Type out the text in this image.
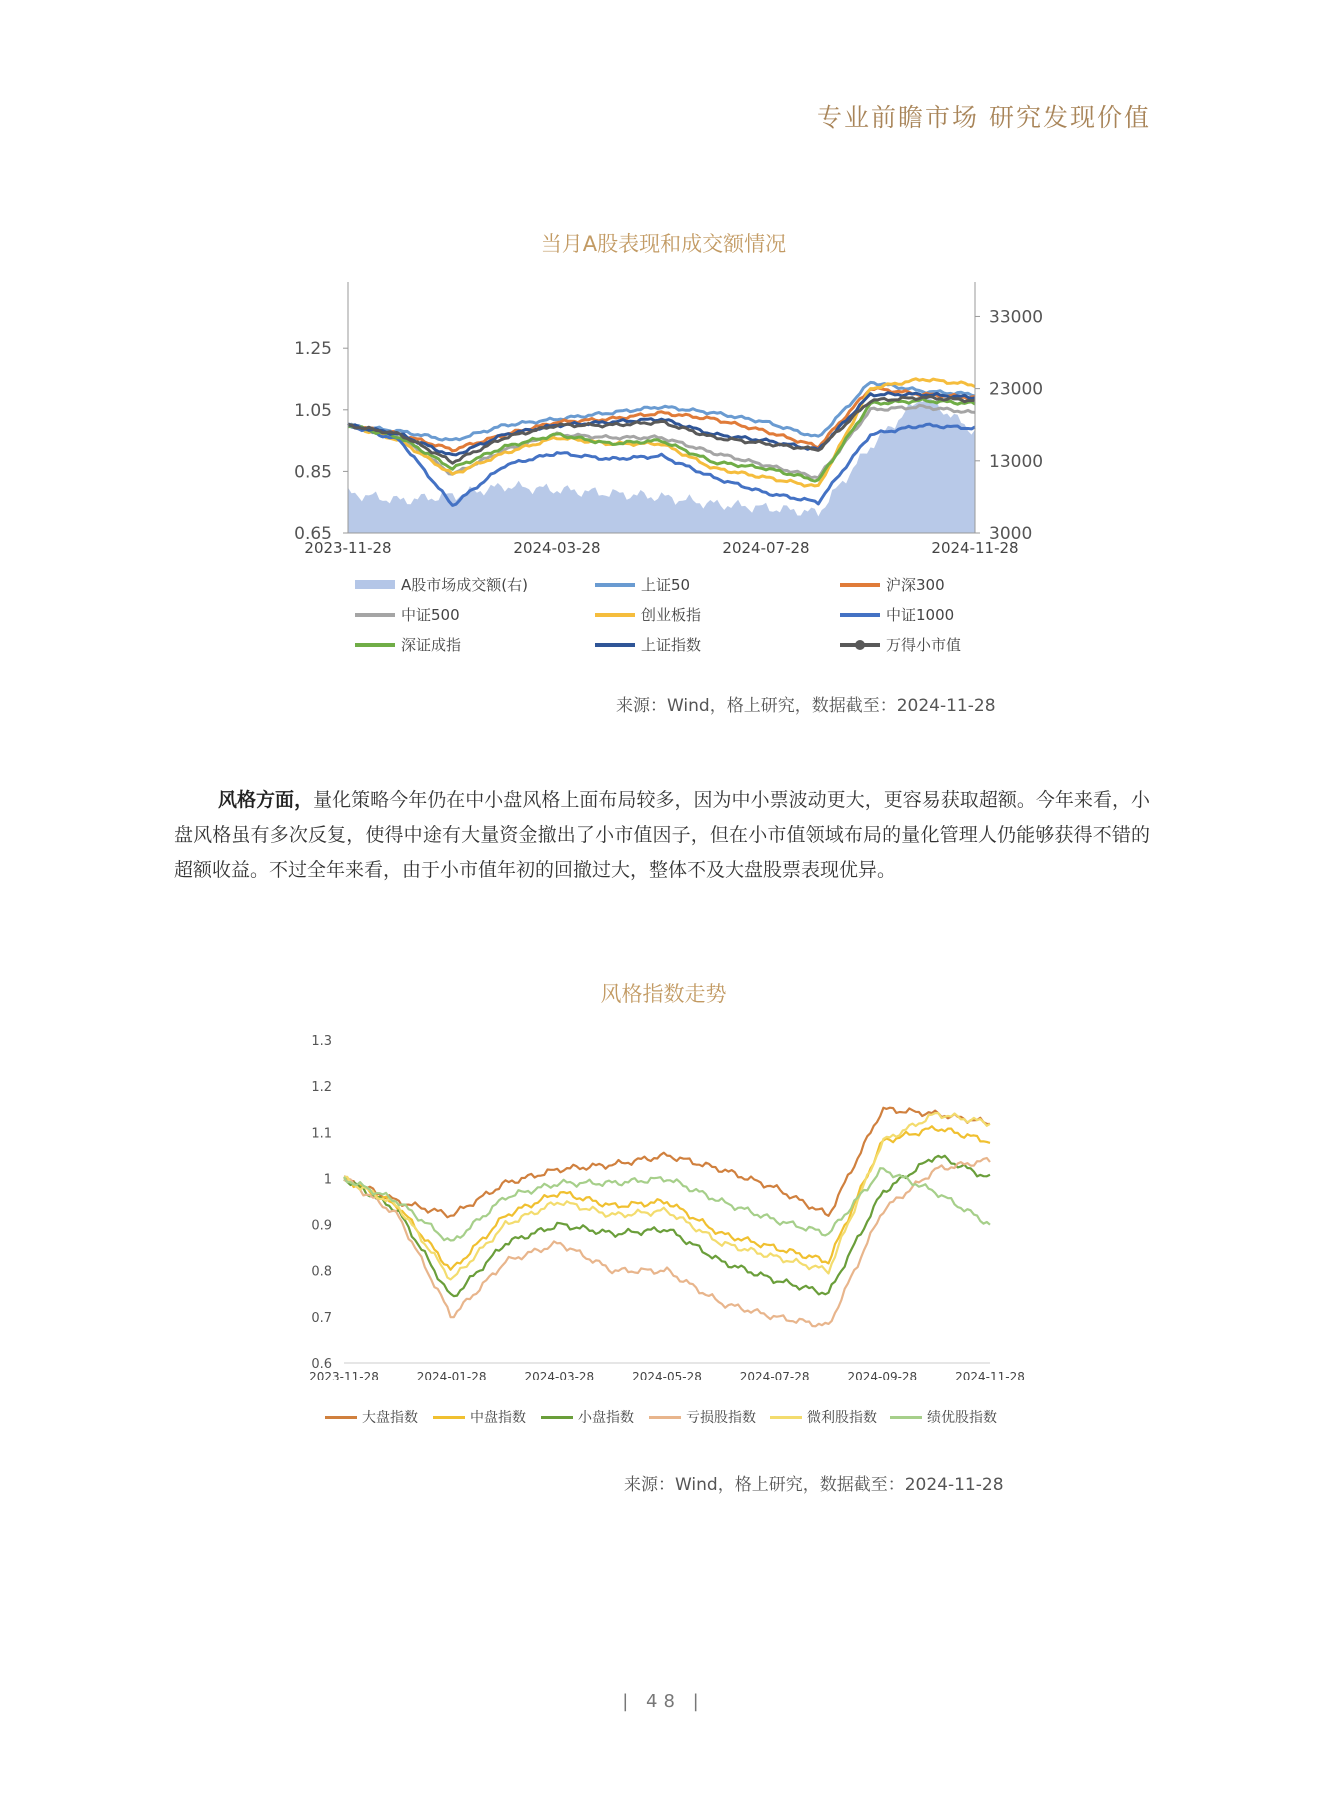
专业前瞻市场 研究发现价值
当月A股表现和成交额情况
0.65
0.85
1.05
1.25
3000
13000
23000
33000
2023-11-28	2024-03-28	2024-07-28	2024-11-28
A股市场成交额(右)	上证50	沪深300
中证500	创业板指	中证1000
深证成指	上证指数	万得小市值
来源：Wind，格上研究，数据截至：2024-11-28
风格方面，量化策略今年仍在中小盘风格上面布局较多，因为中小票波动更大，更容易获取超额。今年来看，小盘风格虽有多次反复，使得中途有大量资金撤出了小市值因子，但在小市值领域布局的量化管理人仍能够获得不错的超额收益。不过全年来看，由于小市值年初的回撤过大，整体不及大盘股票表现优异。
风格指数走势
0.6
0.7
0.8
0.9
1
1.1
1.2
1.3
2023-11-28	2024-01-28	2024-03-28	2024-05-28	2024-07-28	2024-09-28	2024-11-28
大盘指数	中盘指数	小盘指数	亏损股指数	微利股指数	绩优股指数
来源：Wind，格上研究，数据截至：2024-11-28
| 48 |
